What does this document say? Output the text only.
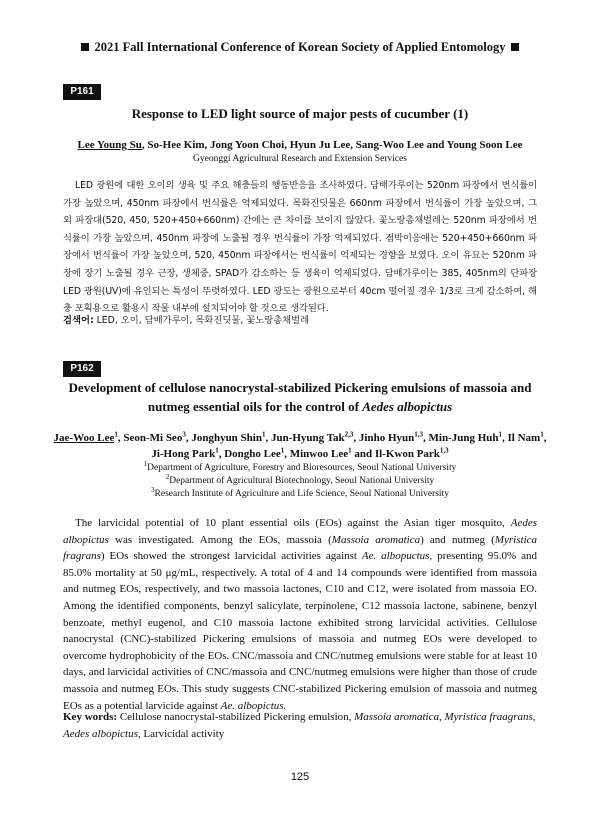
2021 Fall International Conference of Korean Society of Applied Entomology
P161
Response to LED light source of major pests of cucumber (1)
Lee Young Su, So-Hee Kim, Jong Yoon Choi, Hyun Ju Lee, Sang-Woo Lee and Young Soon Lee
Gyeonggi Agricultural Research and Extension Services
LED 광원에 대한 오이의 생육 및 주요 해충들의 행동반응을 조사하였다. 담배가루이는 520nm 파장에서 번식률이 가장 높았으며, 450nm 파장에서 번식률은 억제되었다. 목화진딧물은 660nm 파장에서 번식률이 가장 높았으며, 그 외 파장대(520, 450, 520+450+660nm) 간에는 큰 차이를 보이지 않았다. 꽃노랑총채벌레는 520nm 파장에서 번식률이 가장 높았으며, 450nm 파장에 노출될 경우 번식률이 가장 억제되었다. 점박이응애는 520+450+660nm 파장에서 번식률이 가장 높았으며, 520, 450nm 파장에서는 번식률이 억제되는 경향을 보였다. 오이 유묘는 520nm 파장에 장기 노출될 경우 근장, 생체중, SPAD가 감소하는 등 생육이 억제되었다. 담배가루이는 385, 405nm의 단파장 LED 광원(UV)에 유인되는 특성이 뚜렷하였다. LED 광도는 광원으로부터 40cm 떨어질 경우 1/3로 크게 감소하여, 해충 포획용으로 활용시 작물 내부에 설치되어야 할 것으로 생각된다.
검색어: LED, 오이, 담배가루이, 목화진딧물, 꽃노랑총채벌레
P162
Development of cellulose nanocrystal-stabilized Pickering emulsions of massoia and
nutmeg essential oils for the control of Aedes albopictus
Jae-Woo Lee$^1$, Seon-Mi Seo$^3$, Jonghyun Shin$^1$, Jun-Hyung Tak$^{2,3}$, Jinho Hyun$^{1,3}$, Min-Jung Huh$^1$, Il Nam$^1$,
Ji-Hong Park$^1$, Dongho Lee$^1$, Minwoo Lee$^1$ and Il-Kwon Park$^{1,3}$
$^1$Department of Agriculture, Forestry and Bioresources, Seoul National University
$^2$Department of Agricultural Biotechnology, Seoul National University
$^3$Research Institute of Agriculture and Life Science, Seoul National University
The larvicidal potential of 10 plant essential oils (EOs) against the Asian tiger mosquito, Aedes albopictus was investigated. Among the EOs, massoia (Massoia aromatica) and nutmeg (Myristica fragrans) EOs showed the strongest larvicidal activities against Ae. albopuctus, presenting 95.0% and 85.0% mortality at 50 μg/mL, respectively. A total of 4 and 14 compounds were identified from massoia and nutmeg EOs, respectively, and two massoia lactones, C10 and C12, were isolated from massoia EO. Among the identified components, benzyl salicylate, terpinolene, C12 massoia lactone, sabinene, benzyl benzoate, methyl eugenol, and C10 massoia lactone exhibited strong larvicidal activities. Cellulose nanocrystal (CNC)-stabilized Pickering emulsions of massoia and nutmeg EOs were developed to overcome hydrophobicity of the EOs. CNC/massoia and CNC/nutmeg emulsions were stable for at least 10 days, and larvicidal activities of CNC/massoia and CNC/nutmeg emulsions were higher than those of crude massoia and nutmeg EOs. This study suggests CNC-stabilized Pickering emulsion of massoia and nutmeg EOs as a potential larvicide against Ae. albopictus.
Key words: Cellulose nanocrystal-stabilized Pickering emulsion, Massoia aromatica, Myristica fraagrans, Aedes albopictus, Larvicidal activity
125
